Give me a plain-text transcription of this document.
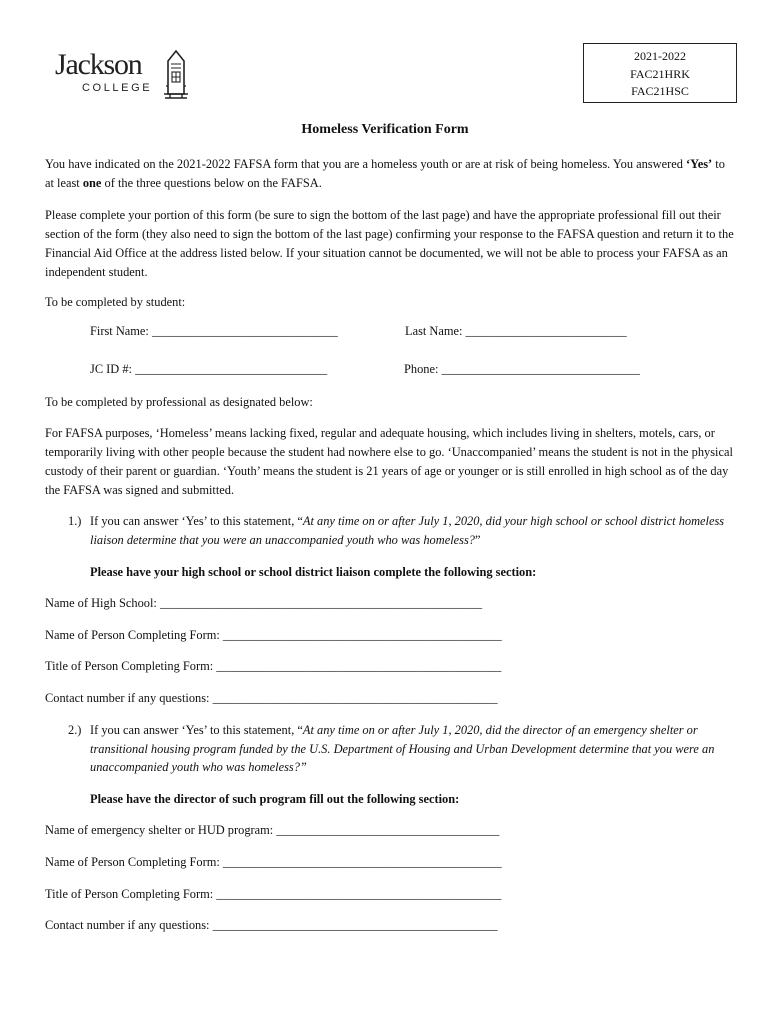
Jackson
COLLEGE
2021-2022
FAC21HRK
FAC21HSC
Homeless Verification Form
You have indicated on the 2021-2022 FAFSA form that you are a homeless youth or are at risk of being homeless. You answered ‘Yes’ to at least one of the three questions below on the FAFSA.
Please complete your portion of this form (be sure to sign the bottom of the last page) and have the appropriate professional fill out their section of the form (they also need to sign the bottom of the last page) confirming your response to the FAFSA question and return it to the Financial Aid Office at the address listed below. If your situation cannot be documented, we will not be able to process your FAFSA as an independent student.
To be completed by student:
First Name: ______________________________	Last Name: __________________________
JC ID #: _______________________________	Phone: ________________________________
To be completed by professional as designated below:
For FAFSA purposes, ‘Homeless’ means lacking fixed, regular and adequate housing, which includes living in shelters, motels, cars, or temporarily living with other people because the student had nowhere else to go. ‘Unaccompanied’ means the student is not in the physical custody of their parent or guardian. ‘Youth’ means the student is 21 years of age or younger or is still enrolled in high school as of the day the FAFSA was signed and submitted.
1.) If you can answer ‘Yes’ to this statement, “At any time on or after July 1, 2020, did your high school or school district homeless liaison determine that you were an unaccompanied youth who was homeless?”
Please have your high school or school district liaison complete the following section:
Name of High School: ____________________________________________________
Name of Person Completing Form: _____________________________________________
Title of Person Completing Form: ______________________________________________
Contact number if any questions: ______________________________________________
2.) If you can answer ‘Yes’ to this statement, “At any time on or after July 1, 2020, did the director of an emergency shelter or transitional housing program funded by the U.S. Department of Housing and Urban Development determine that you were an unaccompanied youth who was homeless?”
Please have the director of such program fill out the following section:
Name of emergency shelter or HUD program: ____________________________________
Name of Person Completing Form: _____________________________________________
Title of Person Completing Form: ______________________________________________
Contact number if any questions: ______________________________________________
